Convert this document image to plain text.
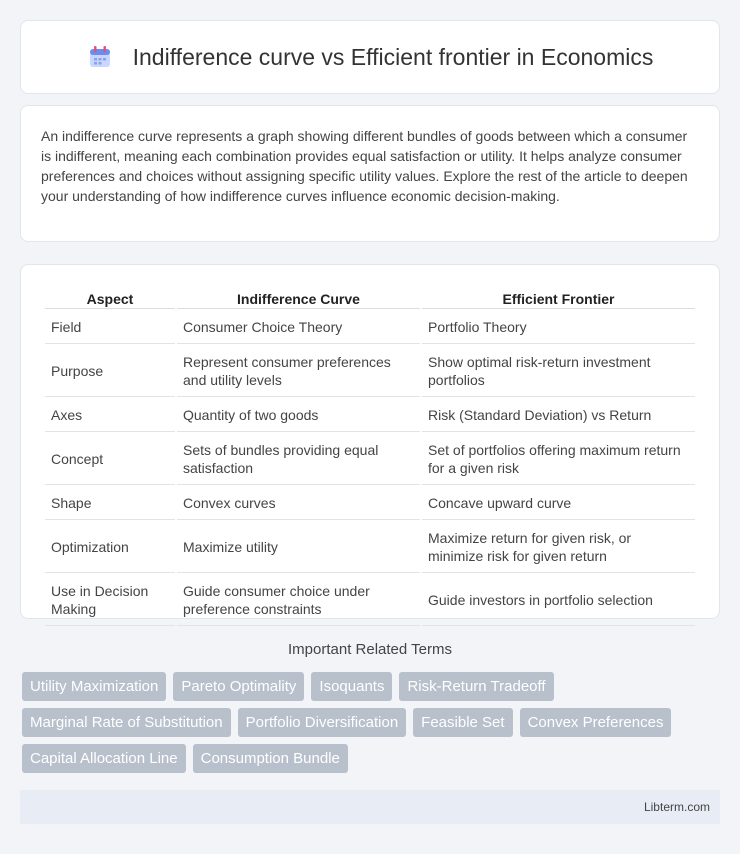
Indifference curve vs Efficient frontier in Economics

An indifference curve represents a graph showing different bundles of goods between which a consumer is indifferent, meaning each combination provides equal satisfaction or utility. It helps analyze consumer preferences and choices without assigning specific utility values. Explore the rest of the article to deepen your understanding of how indifference curves influence economic decision-making.

Aspect	Indifference Curve	Efficient Frontier
Field	Consumer Choice Theory	Portfolio Theory
Purpose	Represent consumer preferences and utility levels	Show optimal risk-return investment portfolios
Axes	Quantity of two goods	Risk (Standard Deviation) vs Return
Concept	Sets of bundles providing equal satisfaction	Set of portfolios offering maximum return for a given risk
Shape	Convex curves	Concave upward curve
Optimization	Maximize utility	Maximize return for given risk, or minimize risk for given return
Use in Decision Making	Guide consumer choice under preference constraints	Guide investors in portfolio selection
Important Related Terms
Utility Maximization	Pareto Optimality	Isoquants	Risk-Return Tradeoff
Marginal Rate of Substitution	Portfolio Diversification	Feasible Set	Convex Preferences
Capital Allocation Line	Consumption Bundle
Libterm.com
